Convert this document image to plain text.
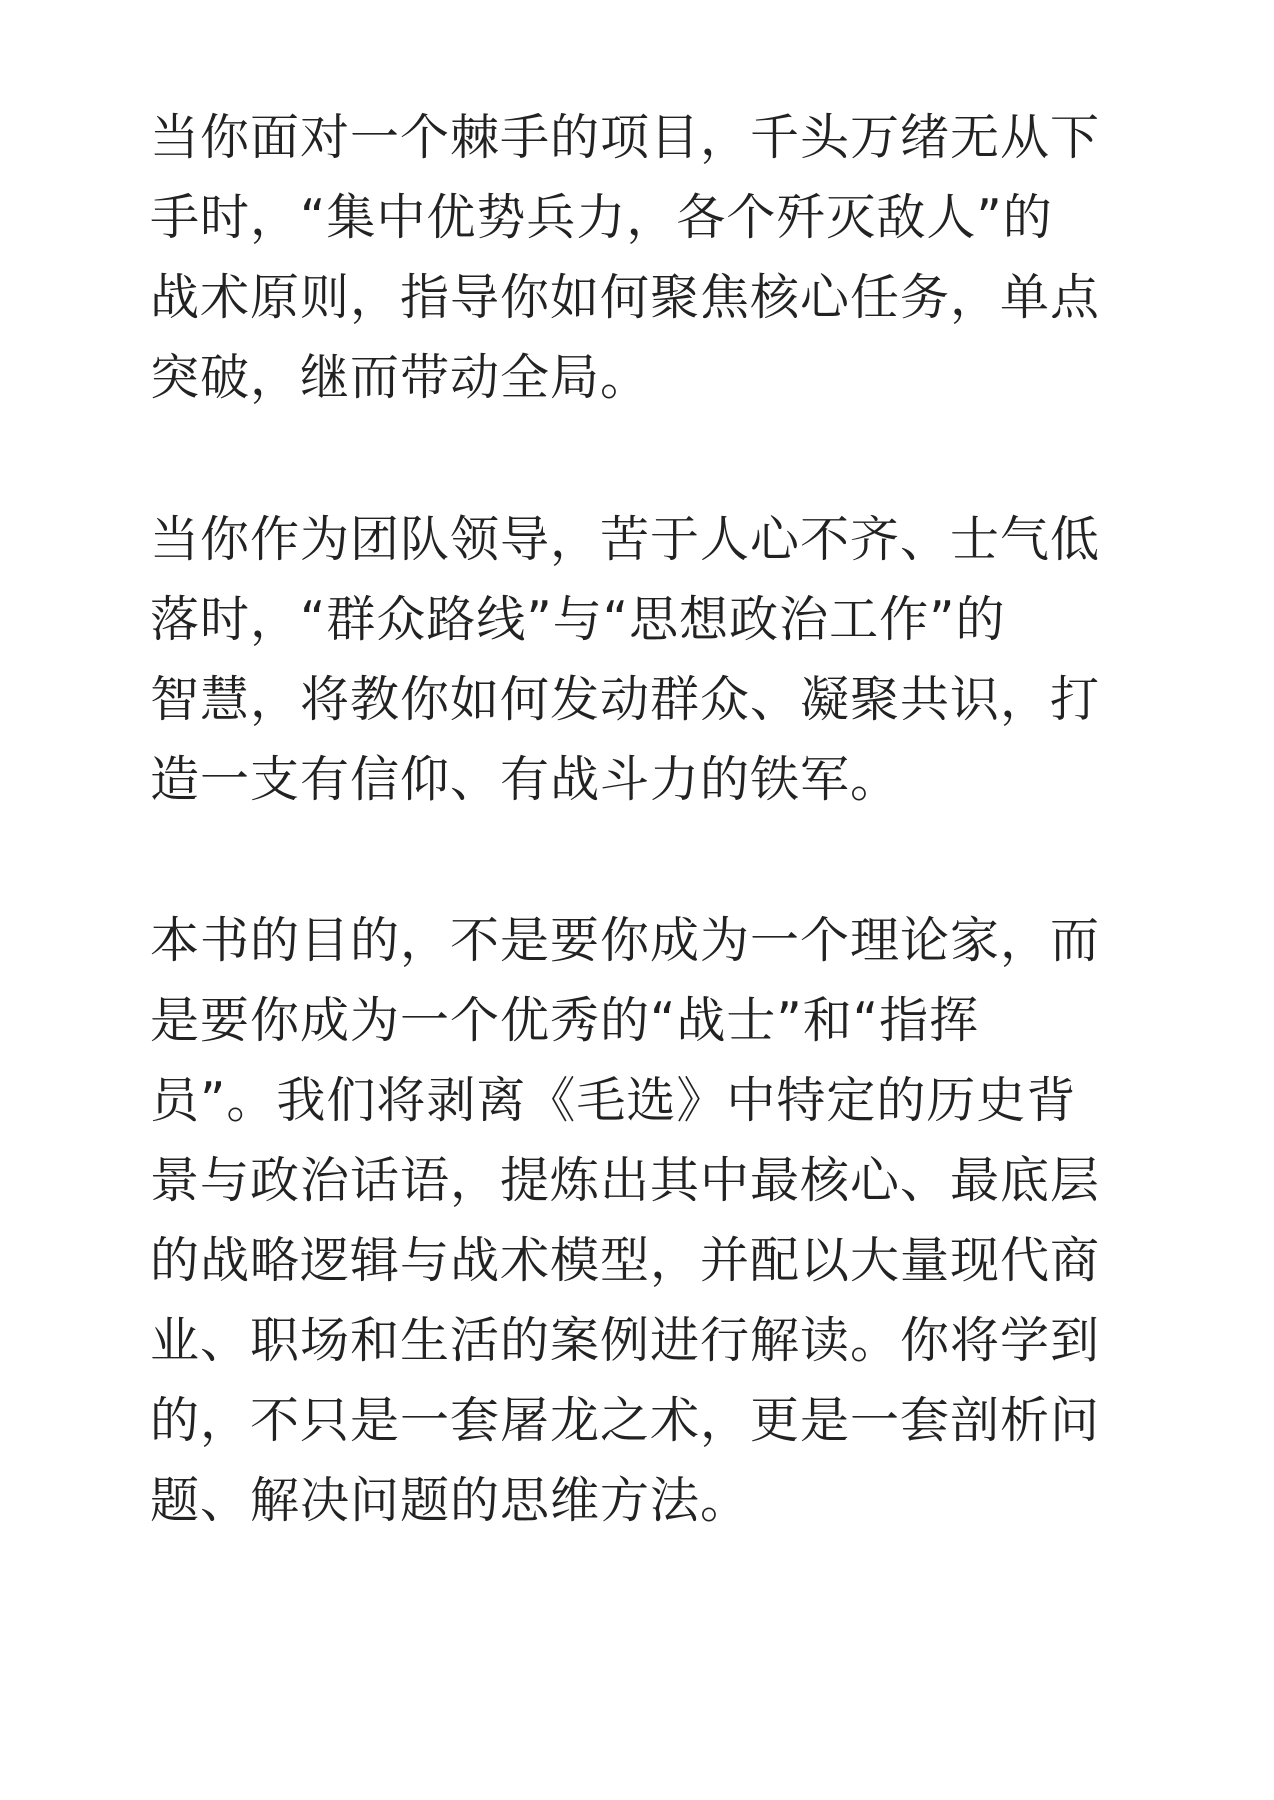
当你面对一个棘手的项目，千头万绪无从下
手时，“集中优势兵力，各个歼灭敌人”的
战术原则，指导你如何聚焦核心任务，单点
突破，继而带动全局。

当你作为团队领导，苦于人心不齐、士气低
落时，“群众路线”与“思想政治工作”的
智慧，将教你如何发动群众、凝聚共识，打
造一支有信仰、有战斗力的铁军。

本书的目的，不是要你成为一个理论家，而
是要你成为一个优秀的“战士”和“指挥
员”。我们将剥离《毛选》中特定的历史背
景与政治话语，提炼出其中最核心、最底层
的战略逻辑与战术模型，并配以大量现代商
业、职场和生活的案例进行解读。你将学到
的，不只是一套屠龙之术，更是一套剖析问
题、解决问题的思维方法。
